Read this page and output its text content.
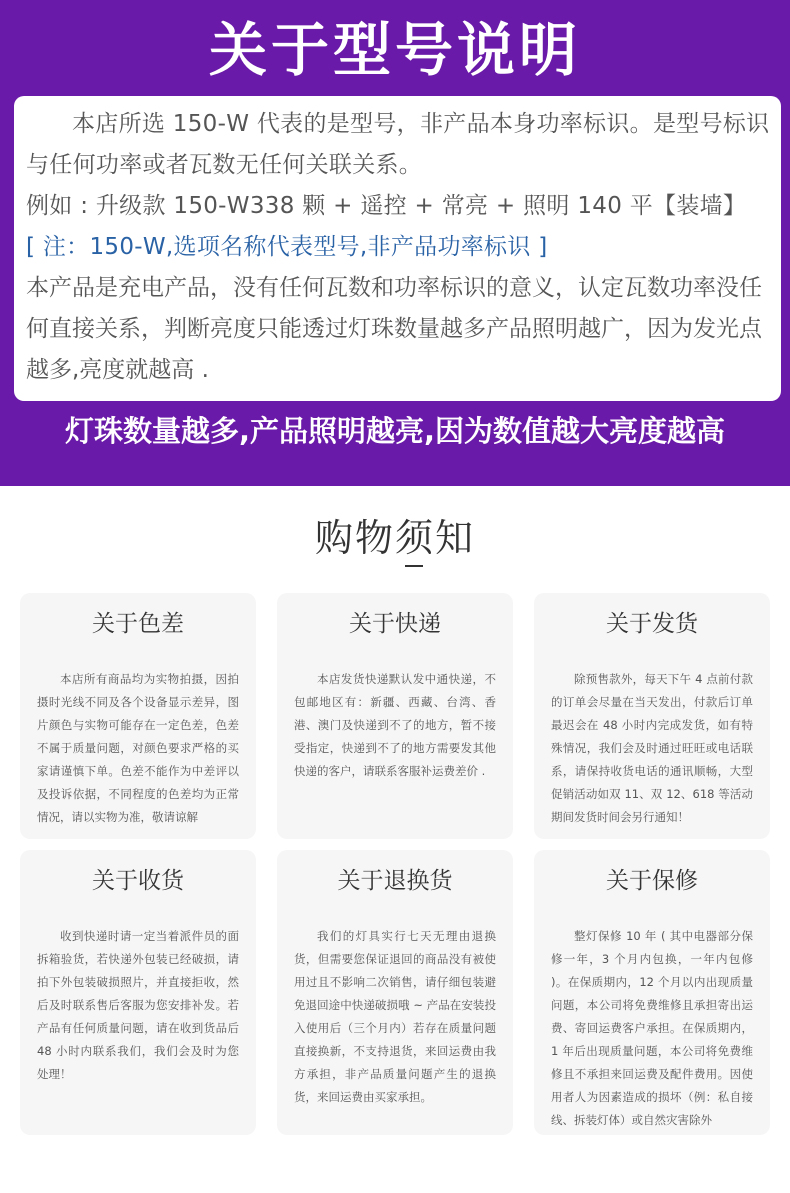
关于型号说明

本店所选 150-W 代表的是型号，非产品本身功率标识。是型号标识

与任何功率或者瓦数无任何关联关系。

例如 : 升级款 150-W338 颗 + 遥控 + 常亮 + 照明 140 平【装墙】

[ 注：150-W,选项名称代表型号,非产品功率标识 ]

本产品是充电产品，没有任何瓦数和功率标识的意义，认定瓦数功率没任何直接关系，判断亮度只能透过灯珠数量越多产品照明越广，因为发光点越多,亮度就越高 .

灯珠数量越多,产品照明越亮,因为数值越大亮度越高
购物须知

关于色差

本店所有商品均为实物拍摄，因拍摄时光线不同及各个设备显示差异，图片颜色与实物可能存在一定色差，色差不属于质量问题，对颜色要求严格的买家请谨慎下单。色差不能作为中差评以及投诉依据，不同程度的色差均为正常情况，请以实物为准，敬请谅解

关于快递

本店发货快递默认发中通快递，不包邮地区有：新疆、西藏、台湾、香港、澳门及快递到不了的地方，暂不接受指定，快递到不了的地方需要发其他快递的客户，请联系客服补运费差价 .

关于发货

除预售款外，每天下午 4 点前付款的订单会尽量在当天发出，付款后订单最迟会在 48 小时内完成发货，如有特殊情况，我们会及时通过旺旺或电话联系，请保持收货电话的通讯顺畅，大型促销活动如双 11、双 12、618 等活动期间发货时间会另行通知！

关于收货

收到快递时请一定当着派件员的面拆箱验货，若快递外包装已经破损，请拍下外包装破损照片，并直接拒收，然后及时联系售后客服为您安排补发。若产品有任何质量问题，请在收到货品后 48 小时内联系我们，我们会及时为您处理！

关于退换货

我们的灯具实行七天无理由退换货，但需要您保证退回的商品没有被使用过且不影响二次销售，请仔细包装避免退回途中快递破损哦 ~ 产品在安装投入使用后（三个月内）若存在质量问题直接换新，不支持退货，来回运费由我方承担，非产品质量问题产生的退换货，来回运费由买家承担。

关于保修

整灯保修 10 年 ( 其中电器部分保修一年，3 个月内包换，一年内包修 )。在保质期内，12 个月以内出现质量问题，本公司将免费维修且承担寄出运费、寄回运费客户承担。在保质期内，1 年后出现质量问题，本公司将免费维修且不承担来回运费及配件费用。因使用者人为因素造成的损坏（例：私自接线、拆装灯体）或自然灾害除外
